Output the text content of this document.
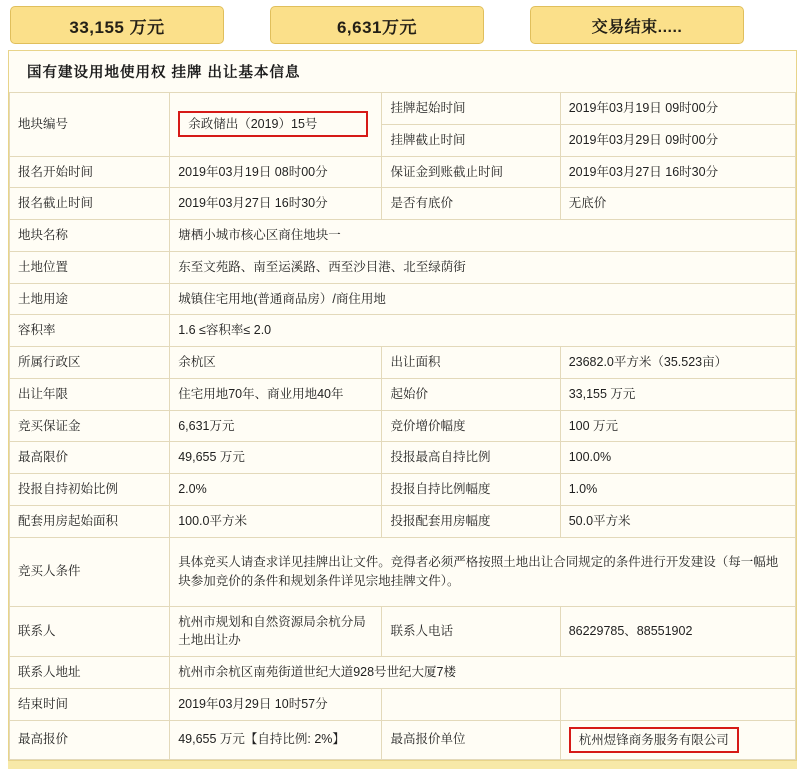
33,155 万元	6,631万元	交易结束.....
国有建设用地使用权 挂牌 出让基本信息
地块编号	余政储出（2019）15号	挂牌起始时间	2019年03月19日 09时00分
		挂牌截止时间	2019年03月29日 09时00分
报名开始时间	2019年03月19日 08时00分	保证金到账截止时间	2019年03月27日 16时30分
报名截止时间	2019年03月27日 16时30分	是否有底价	无底价
地块名称	塘栖小城市核心区商住地块一		
土地位置	东至文苑路、南至运溪路、西至沙目港、北至绿荫街		
土地用途	城镇住宅用地(普通商品房）/商住用地		
容积率	1.6 ≤容积率≤ 2.0		
所属行政区	余杭区	出让面积	23682.0平方米（35.523亩）
出让年限	住宅用地70年、商业用地40年	起始价	33,155 万元
竞买保证金	6,631万元	竞价增价幅度	100 万元
最高限价	49,655 万元	投报最高自持比例	100.0%
投报自持初始比例	2.0%	投报自持比例幅度	1.0%
配套用房起始面积	100.0平方米	投报配套用房幅度	50.0平方米
竞买人条件	具体竞买人请查求详见挂牌出让文件。竞得者必须严格按照土地出让合同规定的条件进行开发建设（每一幅地块参加竞价的条件和规划条件详见宗地挂牌文件）。		
联系人	杭州市规划和自然资源局余杭分局土地出让办	联系人电话	86229785、88551902
联系人地址	杭州市余杭区南苑街道世纪大道928号世纪大厦7楼		
结束时间	2019年03月29日 10时57分		
最高报价	49,655 万元【自持比例: 2%】	最高报价单位	杭州煜锋商务服务有限公司
